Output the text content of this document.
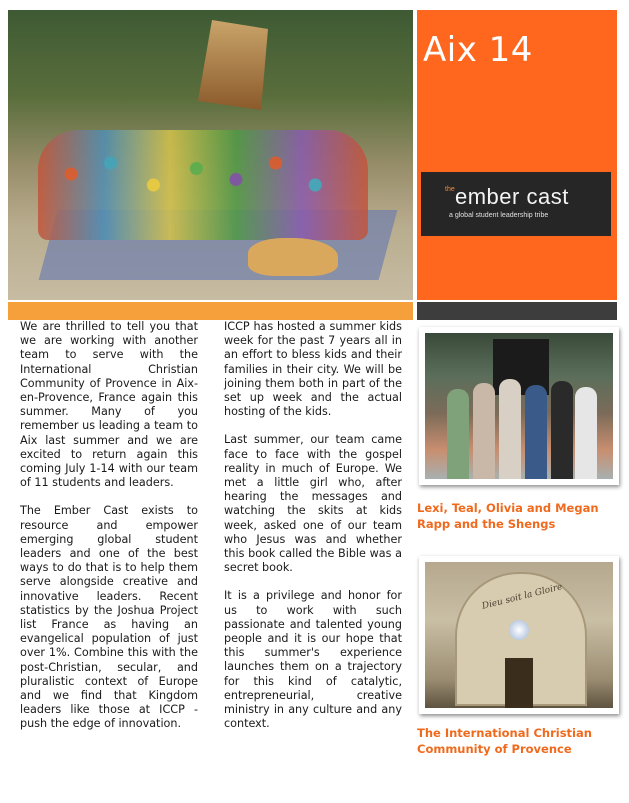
Aix 14
the ember cast
a global student leadership tribe

We are thrilled to tell you that we are working with another team to serve with the International Christian Community of Provence in Aix-en-Provence, France again this summer. Many of you remember us leading a team to Aix last summer and we are excited to return again this coming July 1-14 with our team of 11 students and leaders.

The Ember Cast exists to resource and empower emerging global student leaders and one of the best ways to do that is to help them serve alongside creative and innovative leaders. Recent statistics by the Joshua Project list France as having an evangelical population of just over 1%. Combine this with the post-Christian, secular, and pluralistic context of Europe and we find that Kingdom leaders like those at ICCP - push the edge of innovation.

ICCP has hosted a summer kids week for the past 7 years all in an effort to bless kids and their families in their city. We will be joining them both in part of the set up week and the actual hosting of the kids.

Last summer, our team came face to face with the gospel reality in much of Europe. We met a little girl who, after hearing the messages and watching the skits at kids week, asked one of our team who Jesus was and whether this book called the Bible was a secret book.

It is a privilege and honor for us to work with such passionate and talented young people and it is our hope that this summer's experience launches them on a trajectory for this kind of catalytic, entrepreneurial, creative ministry in any culture and any context.

Lexi, Teal, Olivia and Megan Rapp and the Shengs
Dieu soit la Gloire
The International Christian Community of Provence
